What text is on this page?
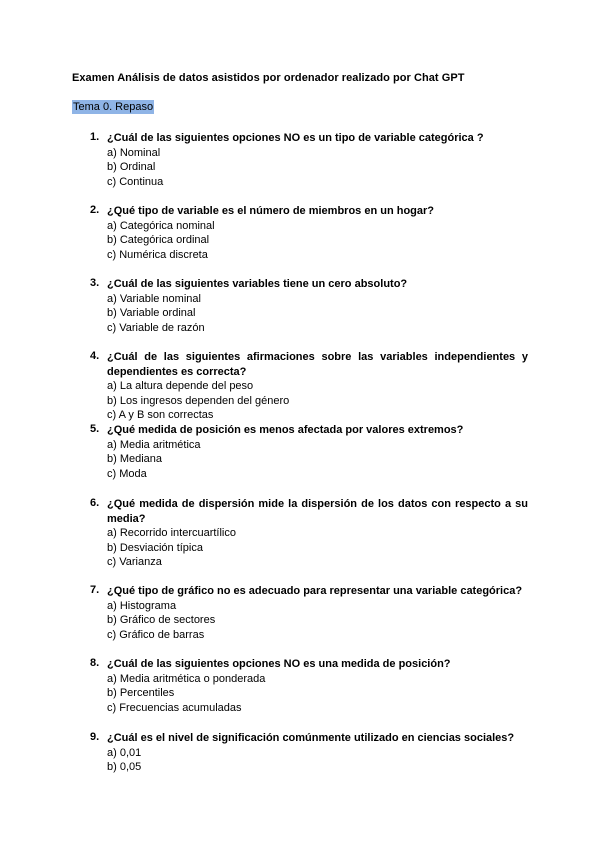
Examen Análisis de datos asistidos por ordenador realizado por Chat GPT
Tema 0. Repaso
1. ¿Cuál de las siguientes opciones NO es un tipo de variable categórica ?
a) Nominal
b) Ordinal
c) Continua
2. ¿Qué tipo de variable es el número de miembros en un hogar?
a) Categórica nominal
b) Categórica ordinal
c) Numérica discreta
3. ¿Cuál de las siguientes variables tiene un cero absoluto?
a) Variable nominal
b) Variable ordinal
c) Variable de razón
4. ¿Cuál de las siguientes afirmaciones sobre las variables independientes y dependientes es correcta?
a) La altura depende del peso
b) Los ingresos dependen del género
c) A y B son correctas
5. ¿Qué medida de posición es menos afectada por valores extremos?
a) Media aritmética
b) Mediana
c) Moda
6. ¿Qué medida de dispersión mide la dispersión de los datos con respecto a su media?
a) Recorrido intercuartílico
b) Desviación típica
c) Varianza
7. ¿Qué tipo de gráfico no es adecuado para representar una variable categórica?
a) Histograma
b) Gráfico de sectores
c) Gráfico de barras
8. ¿Cuál de las siguientes opciones NO es una medida de posición?
a) Media aritmética o ponderada
b) Percentiles
c) Frecuencias acumuladas
9. ¿Cuál es el nivel de significación comúnmente utilizado en ciencias sociales?
a) 0,01
b) 0,05
